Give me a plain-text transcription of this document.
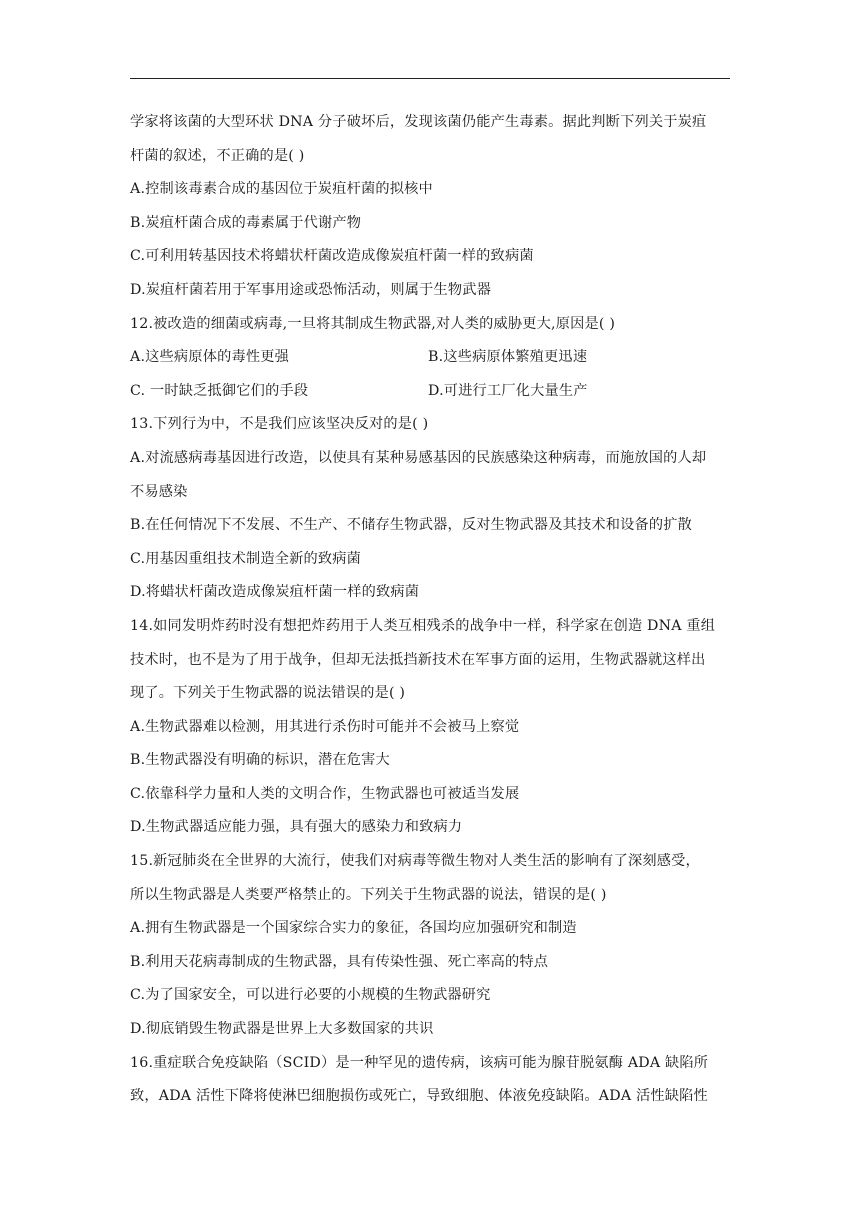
学家将该菌的大型环状 DNA 分子破坏后，发现该菌仍能产生毒素。据此判断下列关于炭疽
杆菌的叙述，不正确的是( )
A.控制该毒素合成的基因位于炭疽杆菌的拟核中
B.炭疽杆菌合成的毒素属于代谢产物
C.可利用转基因技术将蜡状杆菌改造成像炭疽杆菌一样的致病菌
D.炭疽杆菌若用于军事用途或恐怖活动，则属于生物武器
12.被改造的细菌或病毒,一旦将其制成生物武器,对人类的威胁更大,原因是( )
A.这些病原体的毒性更强	B.这些病原体繁殖更迅速
C. 一时缺乏抵御它们的手段	D.可进行工厂化大量生产
13.下列行为中，不是我们应该坚决反对的是( )
A.对流感病毒基因进行改造，以使具有某种易感基因的民族感染这种病毒，而施放国的人却
不易感染
B.在任何情况下不发展、不生产、不储存生物武器，反对生物武器及其技术和设备的扩散
C.用基因重组技术制造全新的致病菌
D.将蜡状杆菌改造成像炭疽杆菌一样的致病菌
14.如同发明炸药时没有想把炸药用于人类互相残杀的战争中一样，科学家在创造 DNA 重组
技术时，也不是为了用于战争，但却无法抵挡新技术在军事方面的运用，生物武器就这样出
现了。下列关于生物武器的说法错误的是( )
A.生物武器难以检测，用其进行杀伤时可能并不会被马上察觉
B.生物武器没有明确的标识，潜在危害大
C.依靠科学力量和人类的文明合作，生物武器也可被适当发展
D.生物武器适应能力强，具有强大的感染力和致病力
15.新冠肺炎在全世界的大流行，使我们对病毒等微生物对人类生活的影响有了深刻感受，
所以生物武器是人类要严格禁止的。下列关于生物武器的说法，错误的是( )
A.拥有生物武器是一个国家综合实力的象征，各国均应加强研究和制造
B.利用天花病毒制成的生物武器，具有传染性强、死亡率高的特点
C.为了国家安全，可以进行必要的小规模的生物武器研究
D.彻底销毁生物武器是世界上大多数国家的共识
16.重症联合免疫缺陷（SCID）是一种罕见的遗传病，该病可能为腺苷脱氨酶 ADA 缺陷所
致，ADA 活性下降将使淋巴细胞损伤或死亡，导致细胞、体液免疫缺陷。ADA 活性缺陷性
